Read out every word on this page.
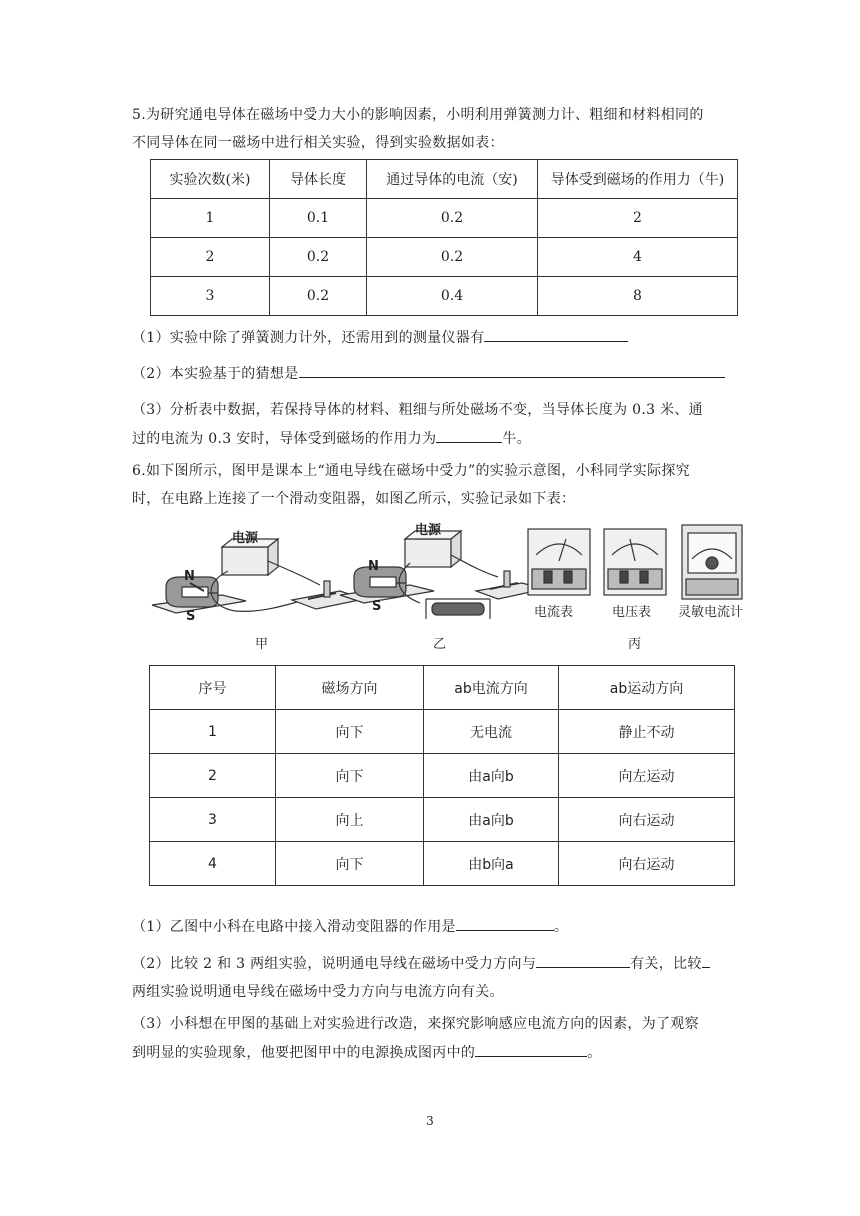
5.为研究通电导体在磁场中受力大小的影响因素，小明利用弹簧测力计、粗细和材料相同的
不同导体在同一磁场中进行相关实验，得到实验数据如表：
实验次数(米)	导体长度	通过导体的电流（安)	导体受到磁场的作用力（牛)
1	0.1	0.2	2
2	0.2	0.2	4
3	0.2	0.4	8
（1）实验中除了弹簧测力计外，还需用到的测量仪器有
（2）本实验基于的猜想是
（3）分析表中数据，若保持导体的材料、粗细与所处磁场不变，当导体长度为 0.3 米、通
过的电流为 0.3 安时，导体受到磁场的作用力为	牛。
6.如下图所示，图甲是课本上“通电导线在磁场中受力”的实验示意图，小科同学实际探究
时，在电路上连接了一个滑动变阻器，如图乙所示，实验记录如下表：
电源
电源
N
S
N
S	电流表	电压表 灵敏电流计
甲	乙	丙
序号	磁场方向	ab电流方向	ab运动方向
1	向下	无电流	静止不动
2	向下	由a向b	向左运动
3	向上	由a向b	向右运动
4	向下	由b向a	向右运动
（1）乙图中小科在电路中接入滑动变阻器的作用是	。
（2）比较 2 和 3 两组实验，说明通电导线在磁场中受力方向与	有关，比较
两组实验说明通电导线在磁场中受力方向与电流方向有关。
（3）小科想在甲图的基础上对实验进行改造，来探究影响感应电流方向的因素，为了观察
到明显的实验现象，他要把图甲中的电源换成图丙中的	。
3
